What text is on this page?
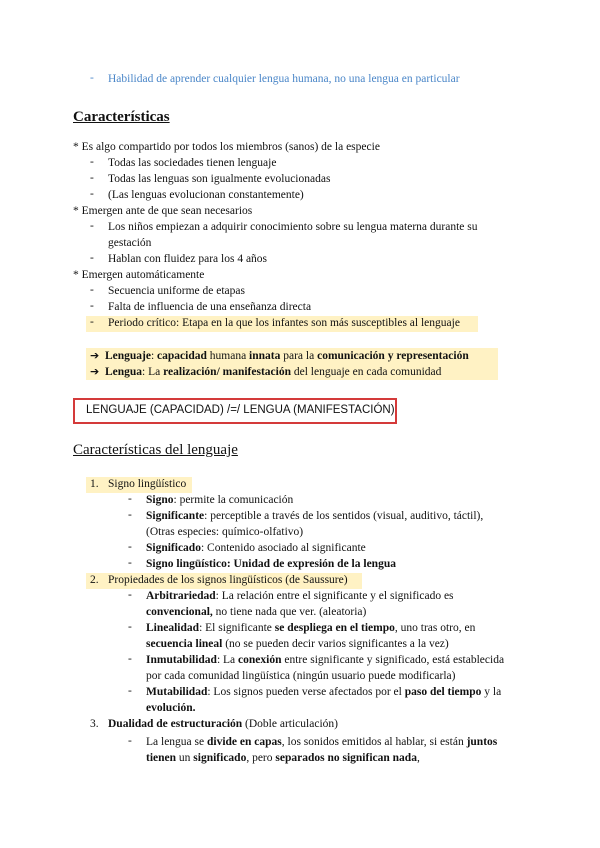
- Habilidad de aprender cualquier lengua humana, no una lengua en particular
Características
* Es algo compartido por todos los miembros (sanos) de la especie
- Todas las sociedades tienen lenguaje
- Todas las lenguas son igualmente evolucionadas
- (Las lenguas evolucionan constantemente)
* Emergen ante de que sean necesarios
- Los niños empiezan a adquirir conocimiento sobre su lengua materna durante su
gestación
- Hablan con fluidez para los 4 años
* Emergen automáticamente
- Secuencia uniforme de etapas
- Falta de influencia de una enseñanza directa
- Periodo crítico: Etapa en la que los infantes son más susceptibles al lenguaje
➔ Lenguaje: capacidad humana innata para la comunicación y representación
➔ Lengua: La realización/ manifestación del lenguaje en cada comunidad
LENGUAJE (CAPACIDAD) /=/ LENGUA (MANIFESTACIÓN)
Características del lenguaje
1. Signo lingüístico
- Signo: permite la comunicación
- Significante: perceptible a través de los sentidos (visual, auditivo, táctil),
(Otras especies: químico-olfativo)
- Significado: Contenido asociado al significante
- Signo lingüístico: Unidad de expresión de la lengua
2. Propiedades de los signos lingüísticos (de Saussure)
- Arbitrariedad: La relación entre el significante y el significado es
convencional, no tiene nada que ver. (aleatoria)
- Linealidad: El significante se despliega en el tiempo, uno tras otro, en
secuencia lineal (no se pueden decir varios significantes a la vez)
- Inmutabilidad: La conexión entre significante y significado, está establecida
por cada comunidad lingüística (ningún usuario puede modificarla)
- Mutabilidad: Los signos pueden verse afectados por el paso del tiempo y la
evolución.
3. Dualidad de estructuración (Doble articulación)
- La lengua se divide en capas, los sonidos emitidos al hablar, si están juntos
tienen un significado, pero separados no significan nada,
